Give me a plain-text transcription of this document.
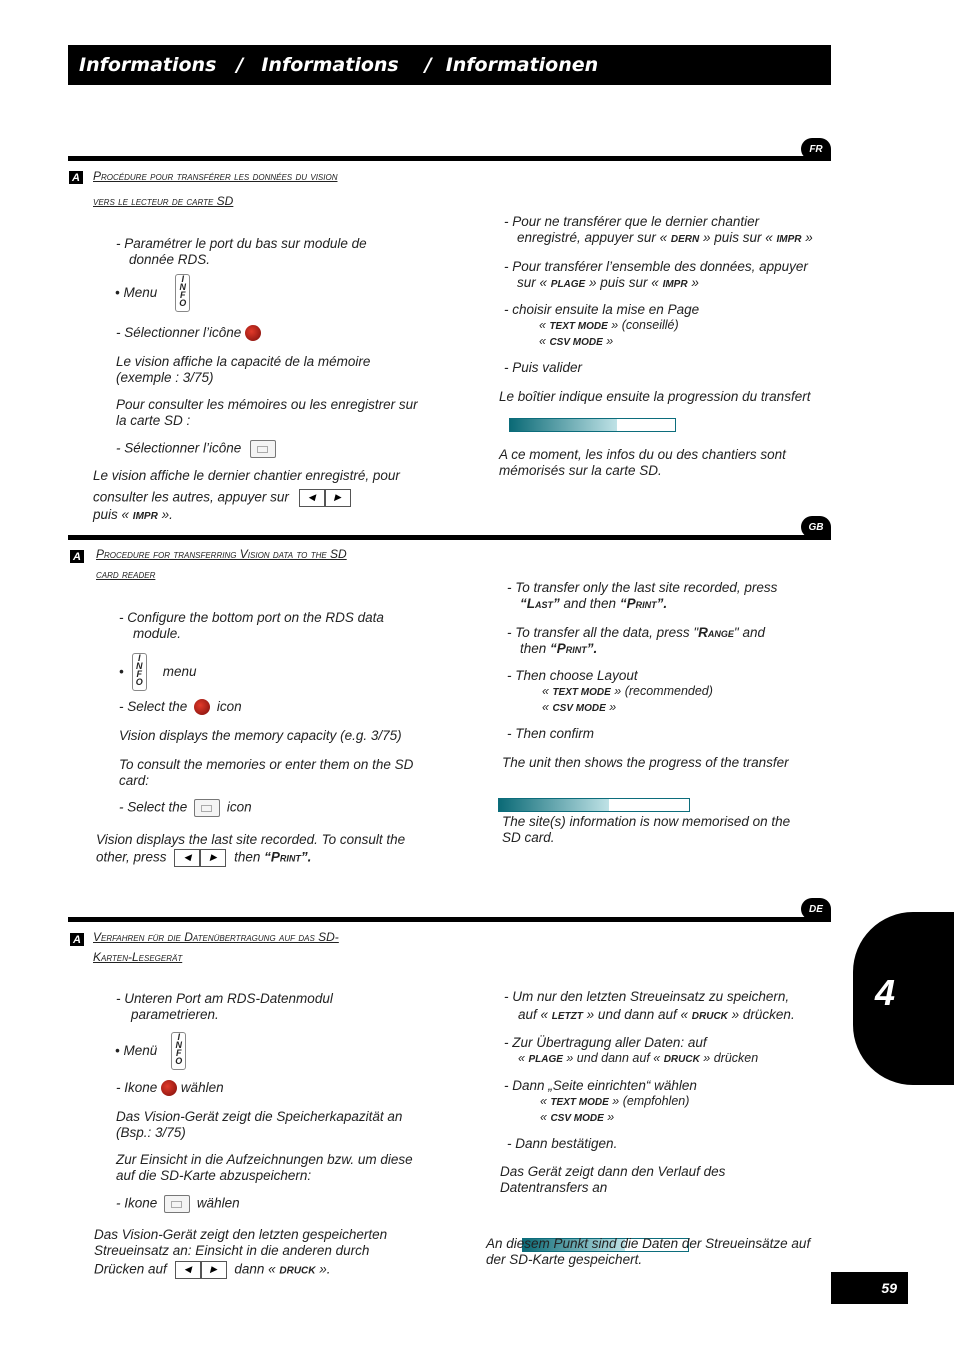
Informations / Informations / Informationen
FR
A Procédure pour transférer les données du vision
vers le lecteur de carte SD
- Paramétrer le port du bas sur module de
donnée RDS.
• Menu
I
N
F
O
- Sélectionner l’icône
Le vision affiche la capacité de la mémoire
(exemple : 3/75)
Pour consulter les mémoires ou les enregistrer sur
la carte SD :
- Sélectionner l’icône
Le vision affiche le dernier chantier enregistré, pour
consulter les autres, appuyer sur	◀	▶
puis « IMPR ».
- Pour ne transférer que le dernier chantier
enregistré, appuyer sur « DERN » puis sur « IMPR »
- Pour transférer l’ensemble des données, appuyer
sur « PLAGE » puis sur « IMPR »
- choisir ensuite la mise en Page
« TEXT MODE » (conseillé)
« CSV MODE »
- Puis valider
Le boîtier indique ensuite la progression du transfert
A ce moment, les infos du ou des chantiers sont
mémorisés sur la carte SD.
GB
A Procedure for transferring Vision data to the SD
card reader
- Configure the bottom port on the RDS data
module.
•
I
N
F
O
menu
- Select the icon
Vision displays the memory capacity (e.g. 3/75)
To consult the memories or enter them on the SD
card:
- Select the	icon
Vision displays the last site recorded. To consult the
other, press	◀	▶	then “Print”.
- To transfer only the last site recorded, press
“Last” and then “Print”.
- To transfer all the data, press "Range" and
then “Print”.
- Then choose Layout
« TEXT MODE » (recommended)
« CSV MODE »
- Then confirm
The unit then shows the progress of the transfer
The site(s) information is now memorised on the
SD card.
DE
A Verfahren für die Datenübertragung auf das SD-
Karten-Lesegerät
- Unteren Port am RDS-Datenmodul
parametrieren.
• Menü
I
N
F
O
- Ikone wählen
Das Vision-Gerät zeigt die Speicherkapazität an
(Bsp.: 3/75)
Zur Einsicht in die Aufzeichnungen bzw. um diese
auf die SD-Karte abzuspeichern:
- Ikone	wählen
Das Vision-Gerät zeigt den letzten gespeicherten
Streueinsatz an: Einsicht in die anderen durch
Drücken auf	◀	▶	dann « DRUCK ».
- Um nur den letzten Streueinsatz zu speichern,
auf « LETZT » und dann auf « DRUCK » drücken.
- Zur Übertragung aller Daten: auf
« PLAGE » und dann auf « DRUCK » drücken
- Dann „Seite einrichten“ wählen
« TEXT MODE » (empfohlen)
« CSV MODE »
- Dann bestätigen.
Das Gerät zeigt dann den Verlauf des
Datentransfers an
An diesem Punkt sind die Daten der Streueinsätze auf
der SD-Karte gespeichert.
4
59
